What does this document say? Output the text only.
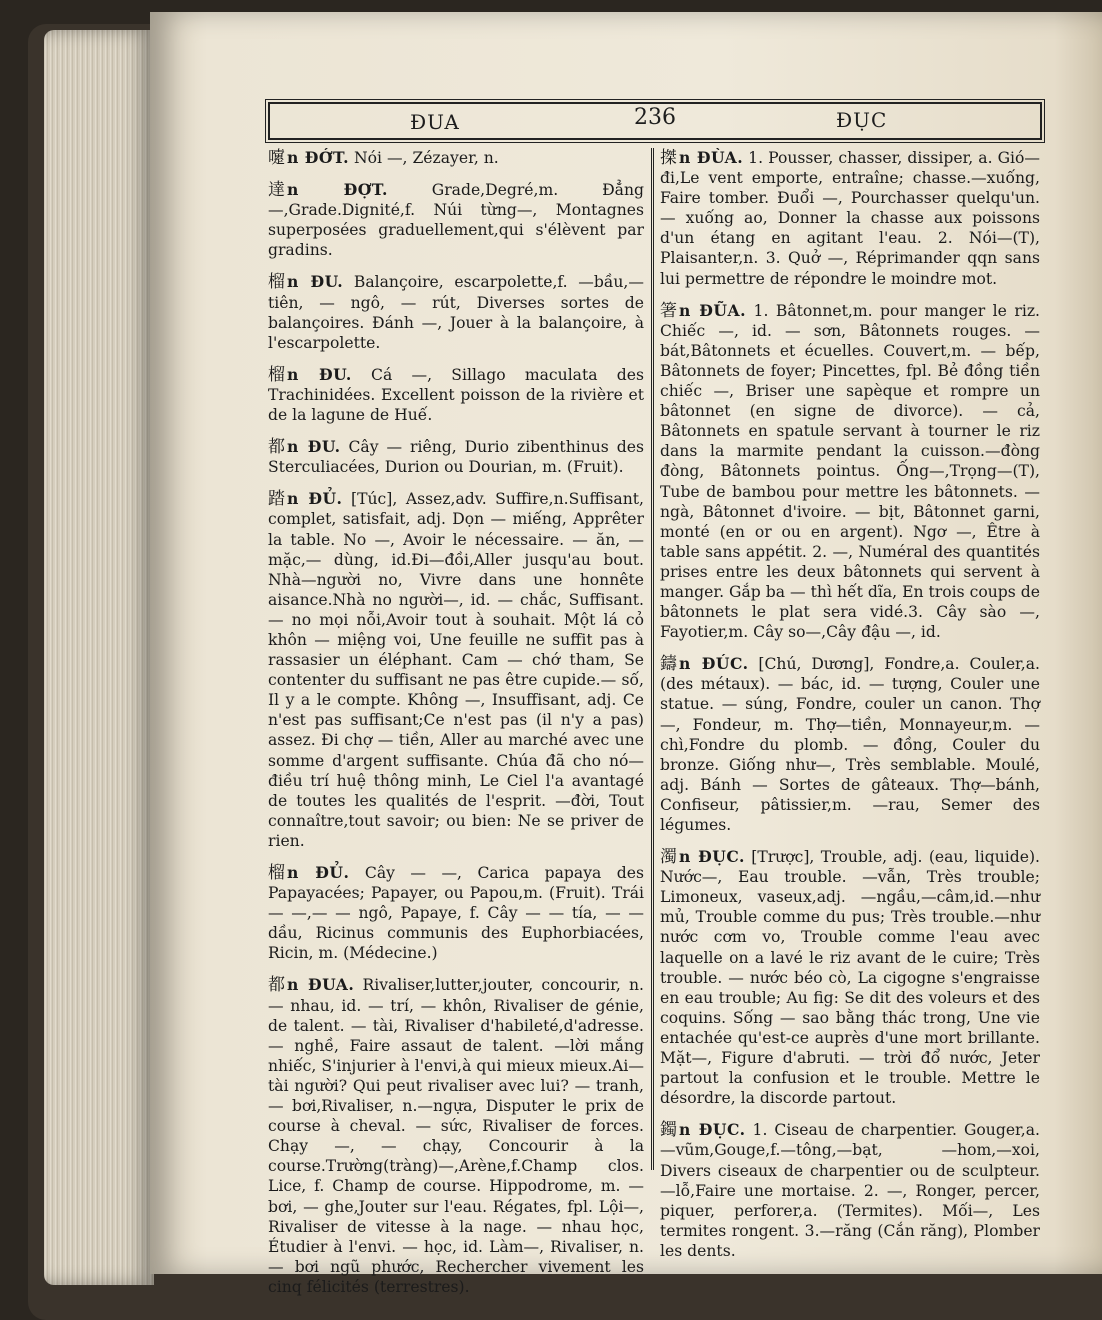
ĐUA	236	ĐỤC

嚔 n ĐỚT. Nói —, Zézayer, n.

達 n ĐỢT.	Grade,Degré,m. Đẳng—,Grade.Dignité,f. Núi từng—, Montagnes superposées graduellement,qui s'élèvent par gradins.

榴 n ĐU. Balançoire, escarpolette,f. —bầu,—tiên, — ngô, — rút, Diverses sortes de balançoires. Đánh —, Jouer à la balançoire, à l'escarpolette.

榴 n ĐU. Cá —, Sillago maculata des Trachinidées. Excellent poisson de la rivière et de la lagune de Huế.

都 n ĐU. Cây — riêng, Durio zibenthinus des Sterculiacées, Durion ou Dourian, m. (Fruit).

踏 n ĐỦ. [Túc], Assez,adv. Suffire,n.Suffisant, complet, satisfait, adj. Dọn — miếng, Apprêter la table. No —, Avoir le nécessaire. — ăn, — mặc,— dùng, id.Đi—đồi,Aller jusqu'au bout. Nhà—người no, Vivre dans une honnête aisance.Nhà no người—, id. — chắc, Suffisant. — no mọi nỗi,Avoir tout à souhait. Một lá cỏ khôn — miệng voi, Une feuille ne suffit pas à rassasier un éléphant. Cam — chớ tham, Se contenter du suffisant ne pas être cupide.— số, Il y a le compte. Không —, Insuffisant, adj. Ce n'est pas suffisant;Ce n'est pas (il n'y a pas) assez. Đi chợ — tiền, Aller au marché avec une somme d'argent suffisante. Chúa đã cho nó—điều trí huệ thông minh, Le Ciel l'a avantagé de toutes les qualités de l'esprit. —đời, Tout connaître,tout savoir; ou bien: Ne se priver de rien.

榴 n ĐỦ. Cây — —, Carica papaya des Papayacées; Papayer, ou Papou,m. (Fruit). Trái— —,— — ngô, Papaye, f. Cây — — tía, — — dầu, Ricinus communis des Euphorbiacées, Ricin, m. (Médecine.)

都 n ĐUA. Rivaliser,lutter,jouter, concourir, n. — nhau, id. — trí, — khôn, Rivaliser de génie, de talent. — tài, Rivaliser d'habileté,d'adresse. — nghề, Faire assaut de talent. —lời mắng nhiếc, S'injurier à l'envi,à qui mieux mieux.Ai—tài người? Qui peut rivaliser avec lui? — tranh, — bơi,Rivaliser, n.—ngựa, Disputer le prix de course à cheval. — sức, Rivaliser de forces. Chạy —, — chạy, Concourir à la course.Trường(tràng)—,Arène,f.Champ clos. Lice, f. Champ de course. Hippodrome, m. — bơi, — ghe,Jouter sur l'eau. Régates, fpl. Lội—, Rivaliser de vitesse à la nage. — nhau học, Étudier à l'envi. — học, id. Làm—, Rivaliser, n. — bơi ngũ phước, Rechercher vivement les cinq félicités (terrestres).

搩 n ĐÙA. 1. Pousser, chasser, dissiper, a. Gió—đi,Le vent emporte, entraîne; chasse.—xuống, Faire tomber. Đuổi —, Pourchasser quelqu'un. — xuống ao, Donner la chasse aux poissons d'un étang en agitant l'eau. 2. Nói—(T), Plaisanter,n. 3. Quở —, Réprimander qqn sans lui permettre de répondre le moindre mot.

箸 n ĐŨA. 1. Bâtonnet,m. pour manger le riz. Chiếc —, id. — sơn, Bâtonnets rouges. — bát,Bâtonnets et écuelles. Couvert,m. — bếp, Bâtonnets de foyer; Pincettes, fpl. Bẻ đồng tiền chiếc —, Briser une sapèque et rompre un bâtonnet (en signe de divorce). — cả, Bâtonnets en spatule servant à tourner le riz dans la marmite pendant la cuisson.—đòng đòng, Bâtonnets pointus. Ống—,Trọng—(T), Tube de bambou pour mettre les bâtonnets. — ngà, Bâtonnet d'ivoire. — bịt, Bâtonnet garni, monté (en or ou en argent). Ngơ —, Être à table sans appétit. 2. —, Numéral des quantités prises entre les deux bâtonnets qui servent à manger. Gắp ba — thì hết dĩa, En trois coups de bâtonnets le plat sera vidé.3. Cây sào —, Fayotier,m. Cây so—,Cây đậu —, id.

鑄 n ĐÚC. [Chú, Dương], Fondre,a. Couler,a. (des métaux). — bác, id. — tượng, Couler une statue. — súng, Fondre, couler un canon. Thợ —, Fondeur, m. Thợ—tiền, Monnayeur,m. —chì,Fondre du plomb. — đồng, Couler du bronze. Giống như—, Très semblable. Moulé, adj. Bánh — Sortes de gâteaux. Thợ—bánh, Confiseur, pâtissier,m. —rau, Semer des légumes.

濁 n ĐỤC. [Trược], Trouble, adj. (eau, liquide). Nước—, Eau trouble. —vẫn, Très trouble; Limoneux, vaseux,adj. —ngầu,—câm,id.—như mủ, Trouble comme du pus; Très trouble.—như nước cơm vo, Trouble comme l'eau avec laquelle on a lavé le riz avant de le cuire; Très trouble. — nước béo cò, La cigogne s'engraisse en eau trouble; Au fig: Se dit des voleurs et des coquins. Sống — sao bằng thác trong, Une vie entachée qu'est-ce auprès d'une mort brillante. Mặt—, Figure d'abruti. — trời đổ nước, Jeter partout la confusion et le trouble. Mettre le désordre, la discorde partout.

鐲 n ĐỤC. 1. Ciseau de charpentier. Gouger,a. —vũm,Gouge,f.—tông,—bạt, —hom,—xoi, Divers ciseaux de charpentier ou de sculpteur.—lỗ,Faire une mortaise. 2. —, Ronger, percer, piquer, perforer,a. (Termites). Mối—, Les termites rongent. 3.—răng (Cắn răng), Plomber les dents.
